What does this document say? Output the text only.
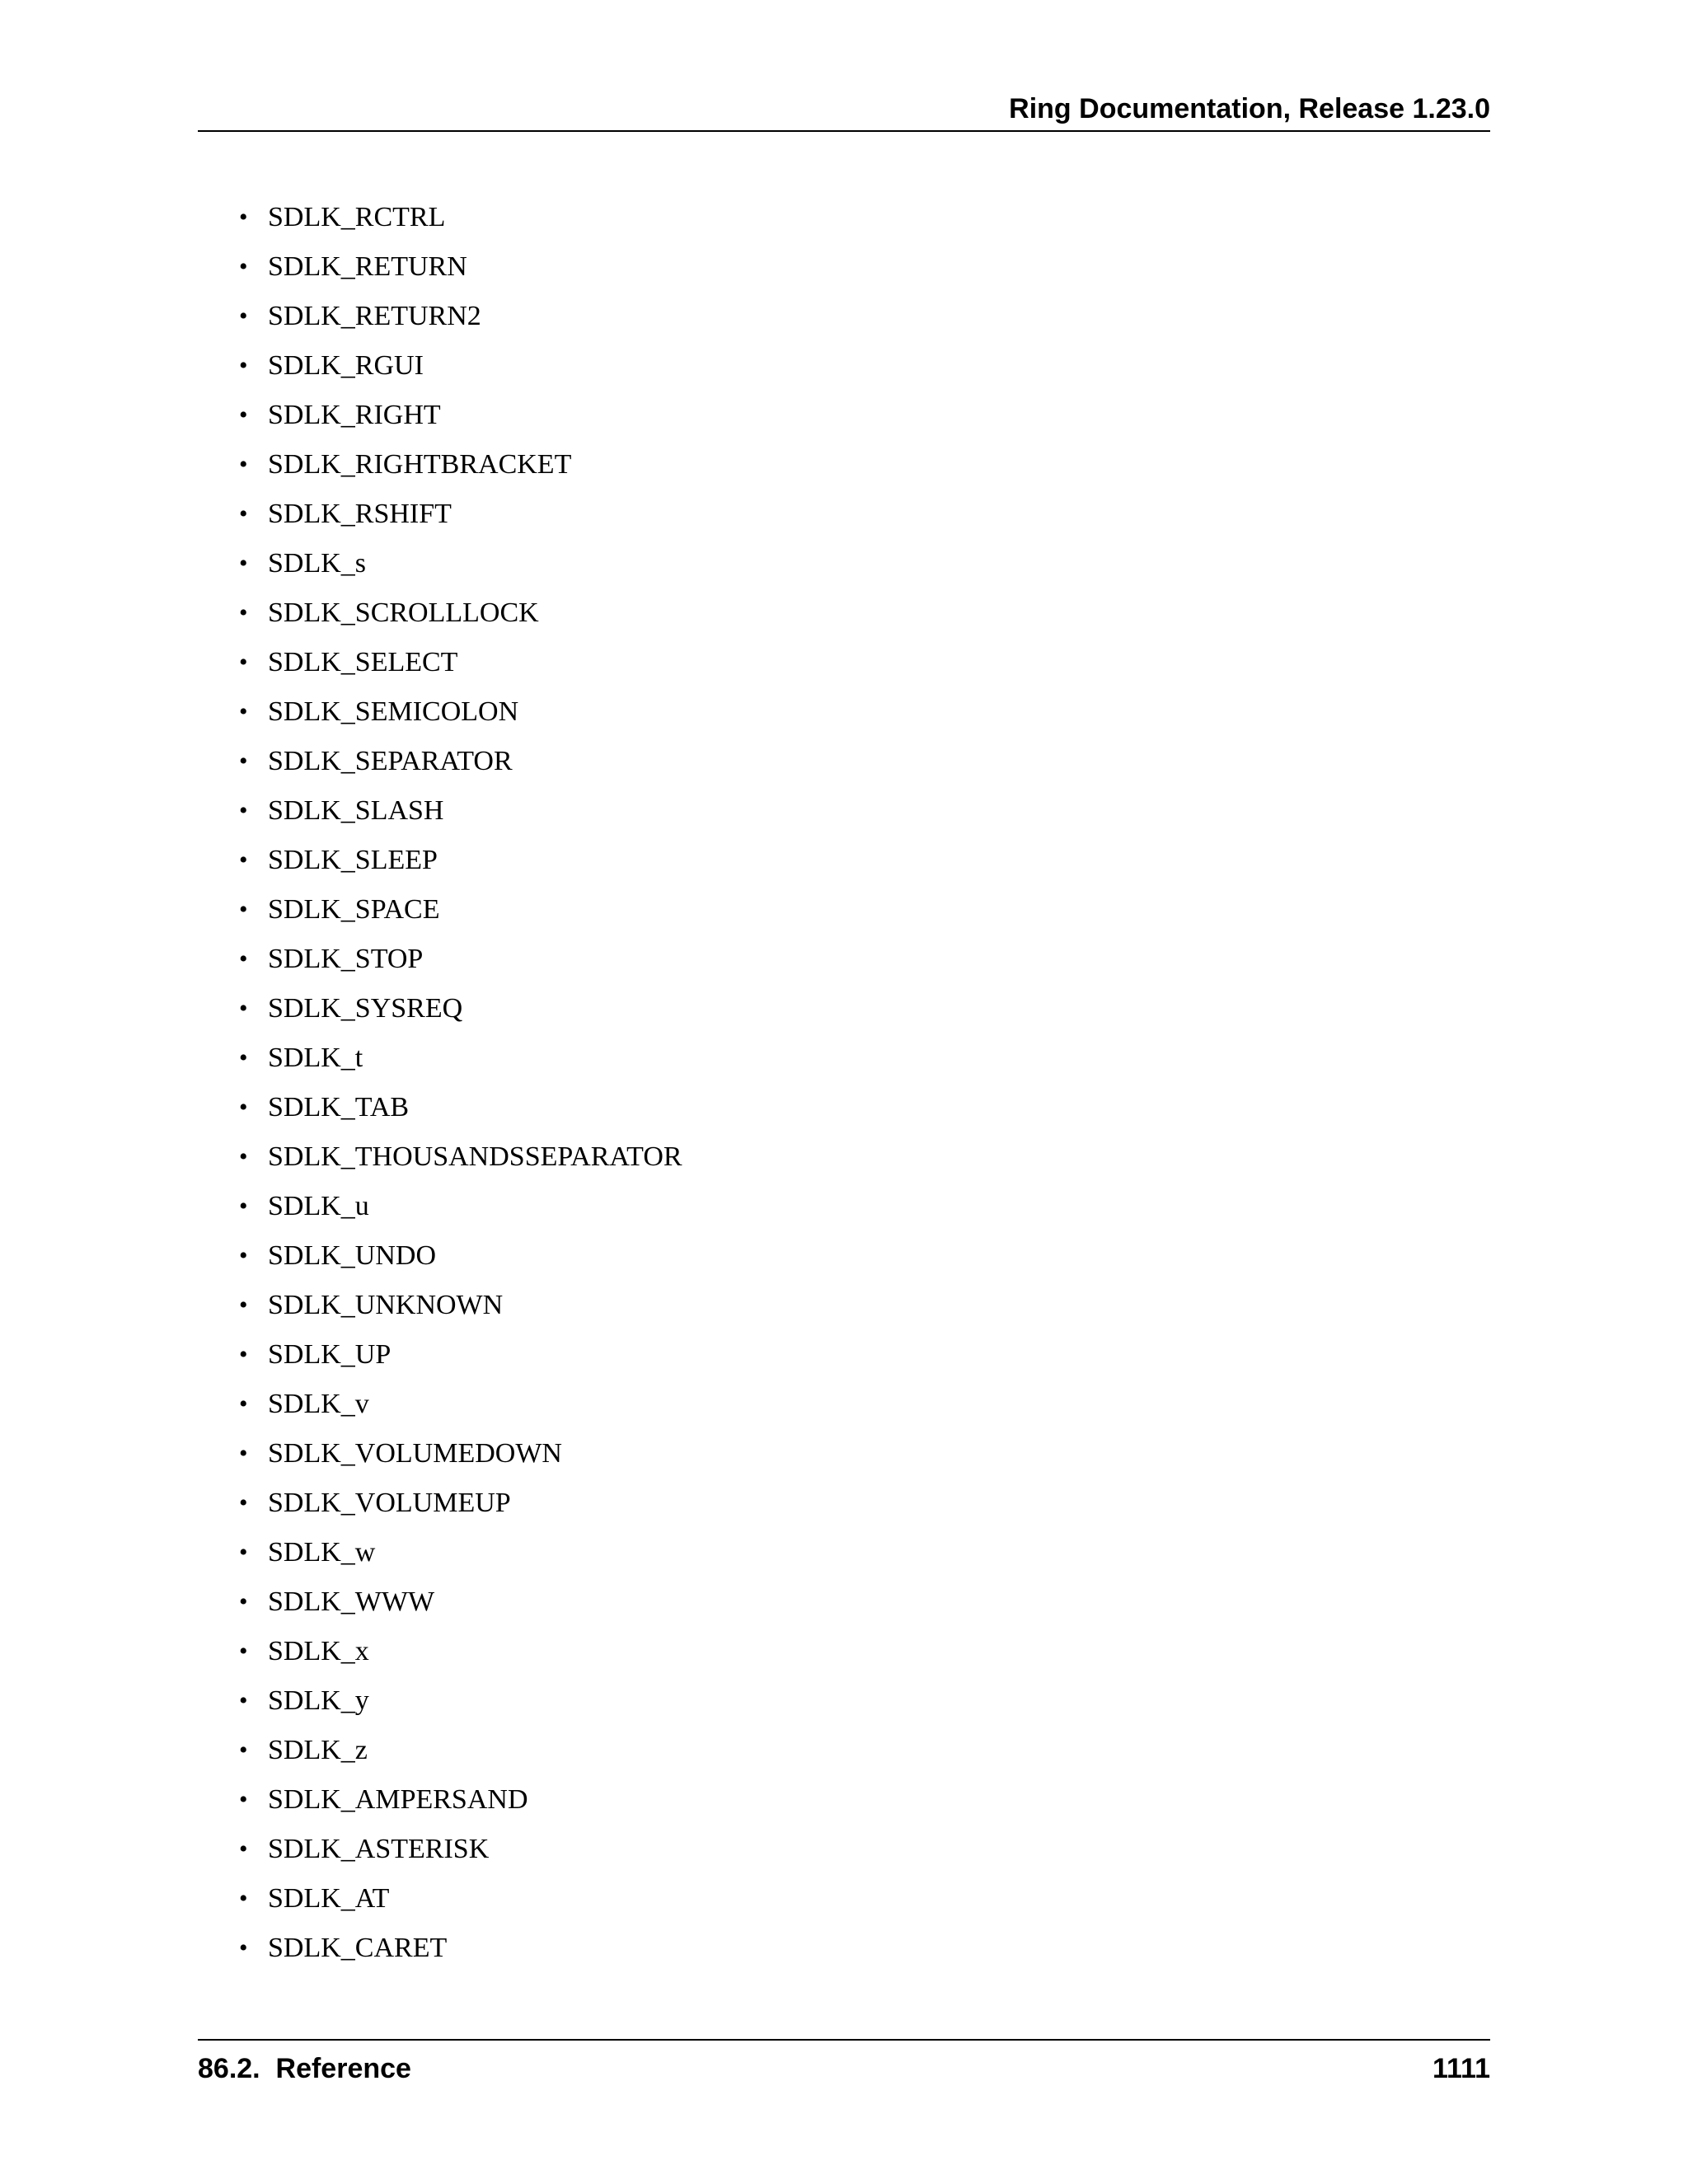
Ring Documentation, Release 1.23.0
• SDLK_RCTRL
• SDLK_RETURN
• SDLK_RETURN2
• SDLK_RGUI
• SDLK_RIGHT
• SDLK_RIGHTBRACKET
• SDLK_RSHIFT
• SDLK_s
• SDLK_SCROLLLOCK
• SDLK_SELECT
• SDLK_SEMICOLON
• SDLK_SEPARATOR
• SDLK_SLASH
• SDLK_SLEEP
• SDLK_SPACE
• SDLK_STOP
• SDLK_SYSREQ
• SDLK_t
• SDLK_TAB
• SDLK_THOUSANDSSEPARATOR
• SDLK_u
• SDLK_UNDO
• SDLK_UNKNOWN
• SDLK_UP
• SDLK_v
• SDLK_VOLUMEDOWN
• SDLK_VOLUMEUP
• SDLK_w
• SDLK_WWW
• SDLK_x
• SDLK_y
• SDLK_z
• SDLK_AMPERSAND
• SDLK_ASTERISK
• SDLK_AT
• SDLK_CARET
86.2.  Reference	1111
